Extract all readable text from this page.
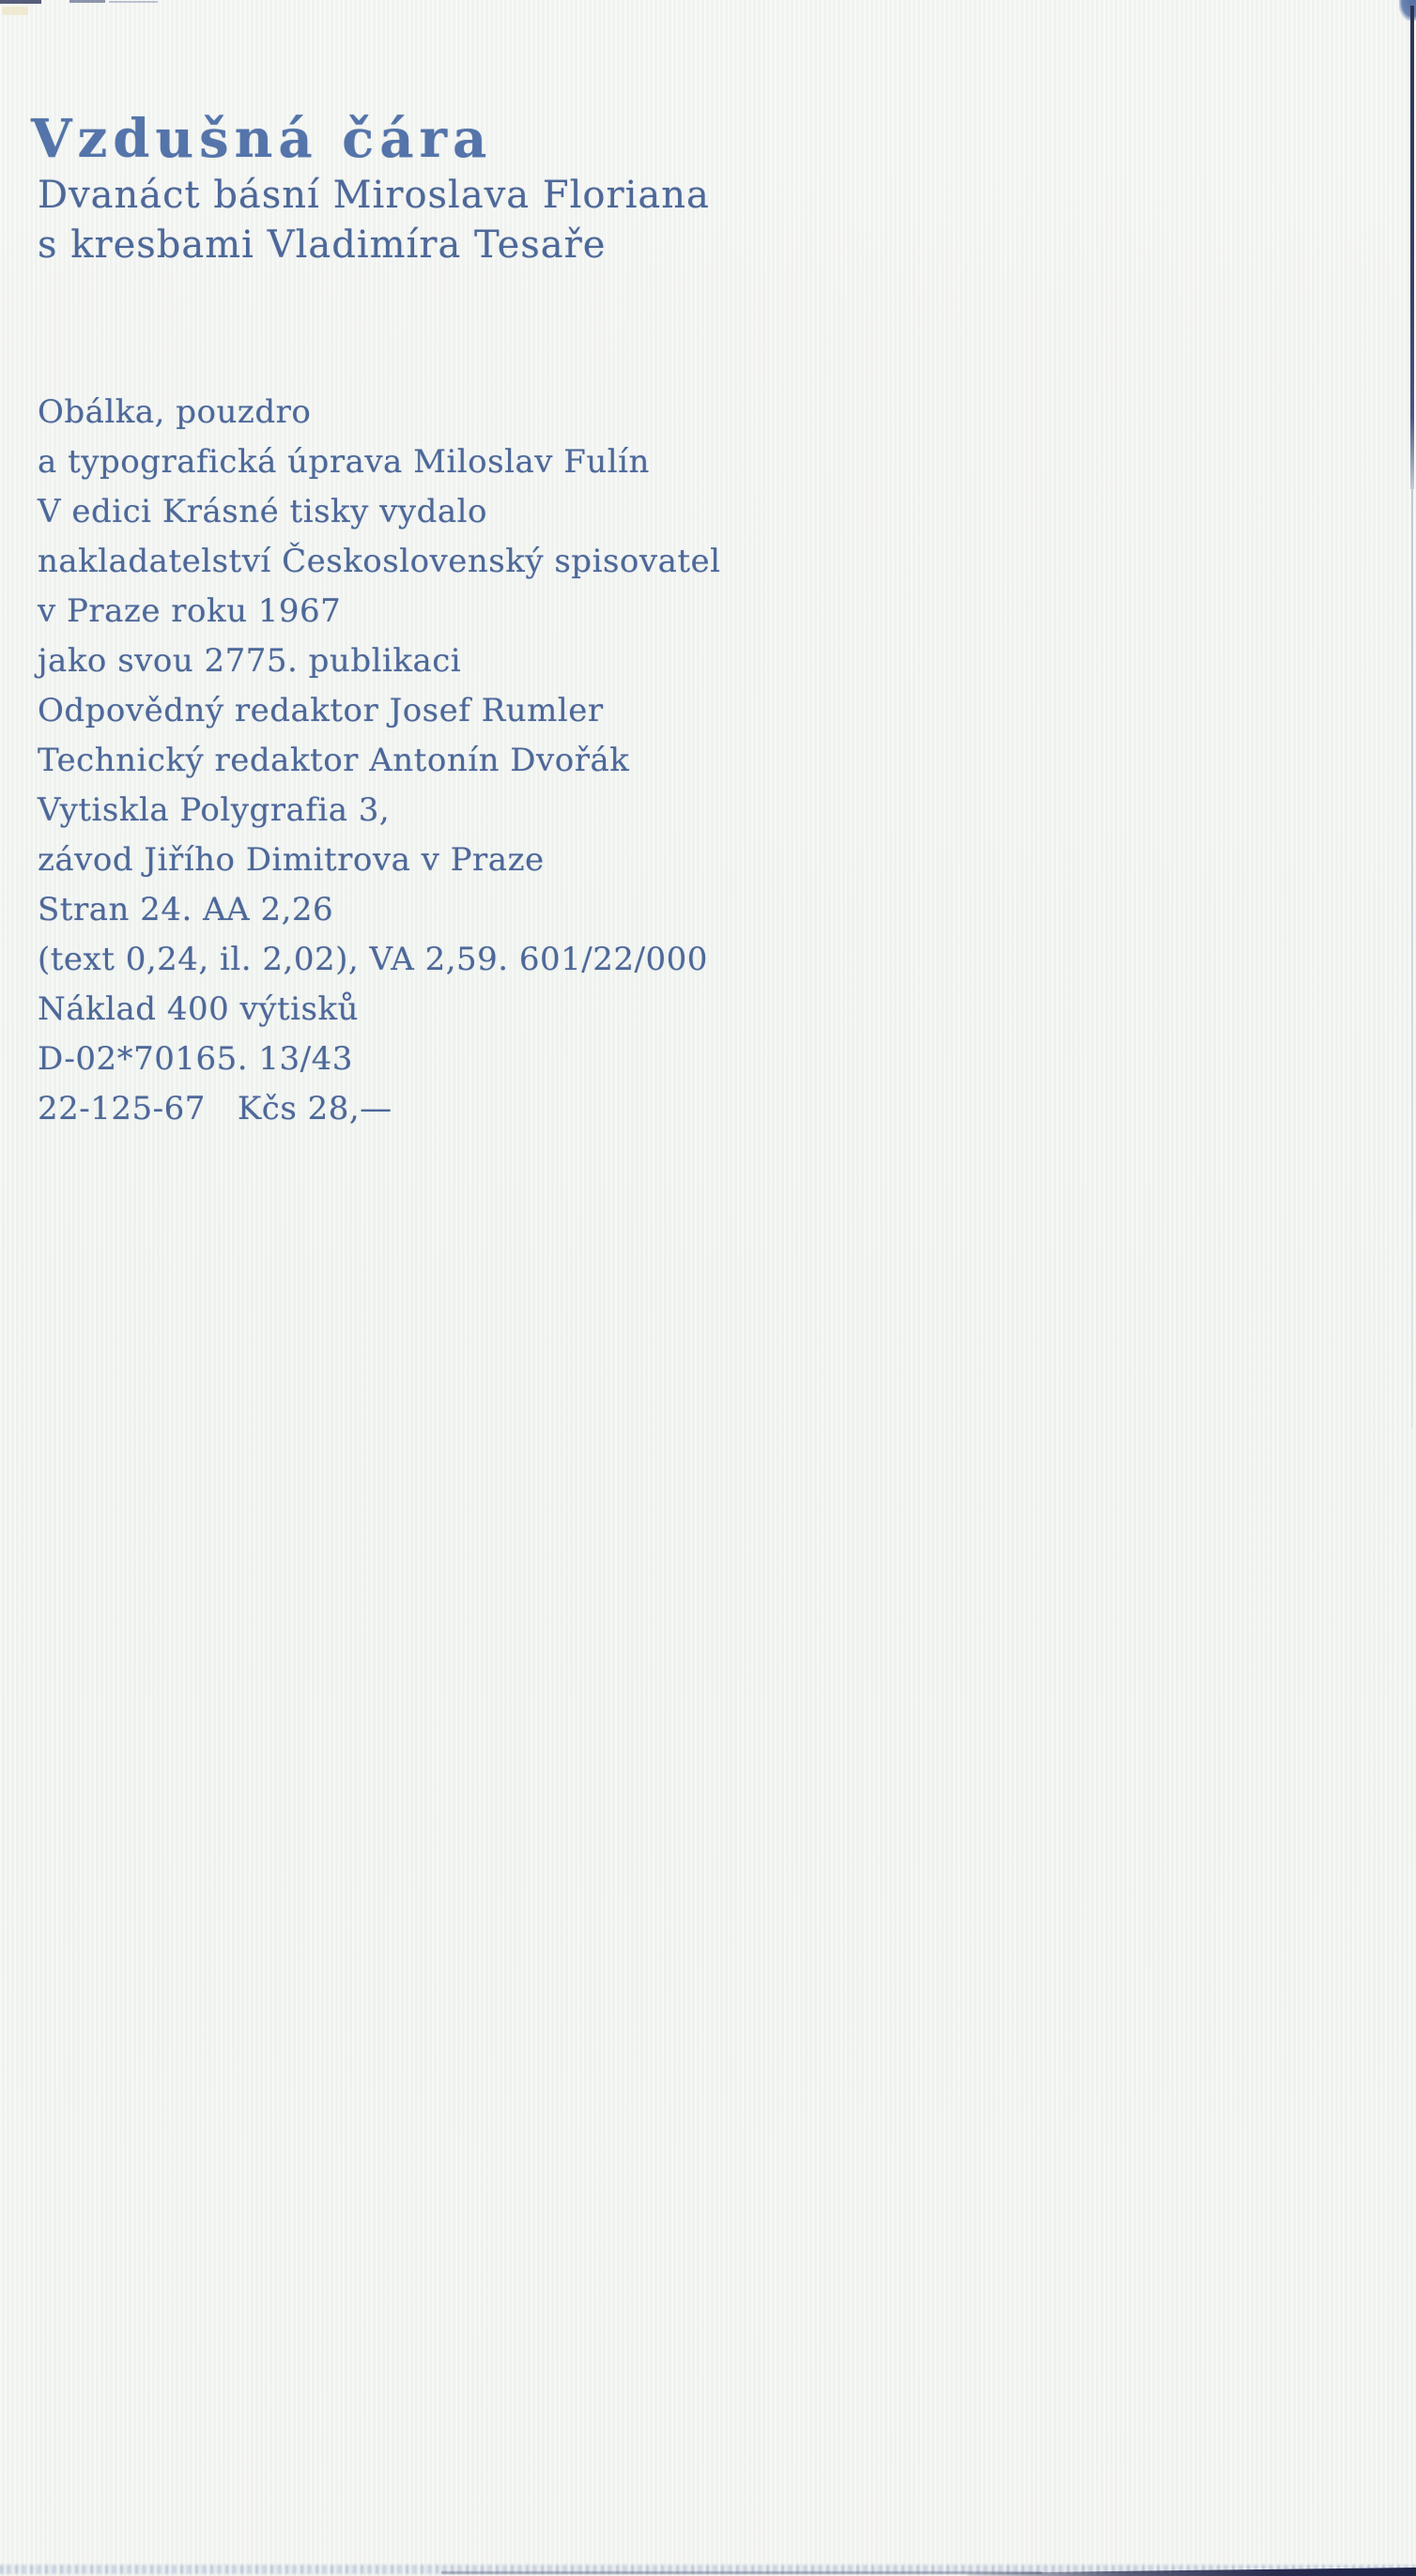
Vzdušná čára

Dvanáct básní Miroslava Floriana

s kresbami Vladimíra Tesaře

Obálka, pouzdro

a typografická úprava Miloslav Fulín

V edici Krásné tisky vydalo

nakladatelství Československý spisovatel

v Praze roku 1967

jako svou 2775. publikaci

Odpovědný redaktor Josef Rumler

Technický redaktor Antonín Dvořák

Vytiskla Polygrafia 3,

závod Jiřího Dimitrova v Praze

Stran 24. AA 2,26

(text 0,24, il. 2,02), VA 2,59. 601/22/000

Náklad 400 výtisků

D-02*70165. 13/43

22-125-67 Kčs 28,—
